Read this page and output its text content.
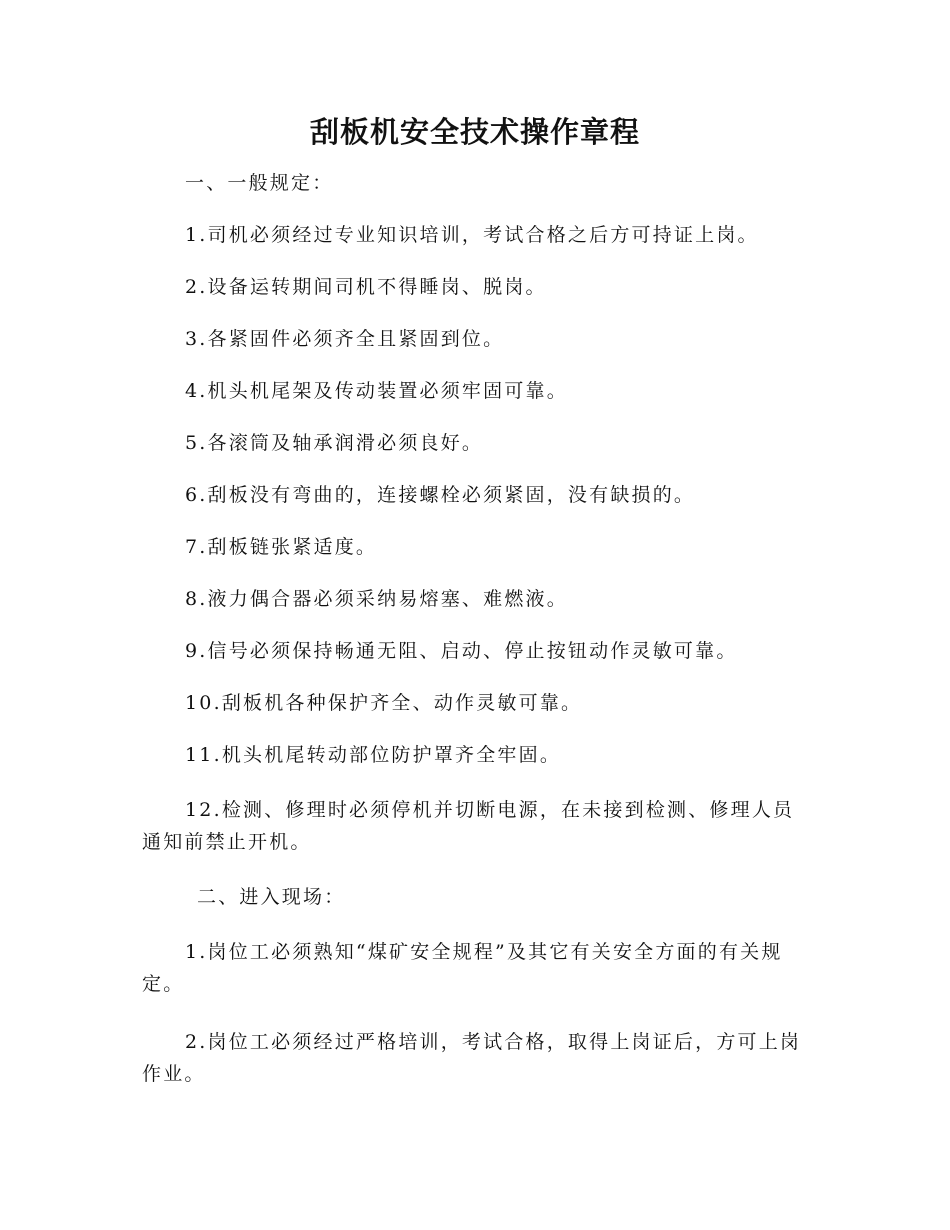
刮板机安全技术操作章程

一、一般规定：

1.司机必须经过专业知识培训，考试合格之后方可持证上岗。

2.设备运转期间司机不得睡岗、脱岗。

3.各紧固件必须齐全且紧固到位。

4.机头机尾架及传动装置必须牢固可靠。

5.各滚筒及轴承润滑必须良好。

6.刮板没有弯曲的，连接螺栓必须紧固，没有缺损的。

7.刮板链张紧适度。

8.液力偶合器必须采纳易熔塞、难燃液。

9.信号必须保持畅通无阻、启动、停止按钮动作灵敏可靠。

10.刮板机各种保护齐全、动作灵敏可靠。

11.机头机尾转动部位防护罩齐全牢固。

12.检测、修理时必须停机并切断电源，在未接到检测、修理人员通知前禁止开机。

二、进入现场：

1.岗位工必须熟知“煤矿安全规程”及其它有关安全方面的有关规定。

2.岗位工必须经过严格培训，考试合格，取得上岗证后，方可上岗作业。
